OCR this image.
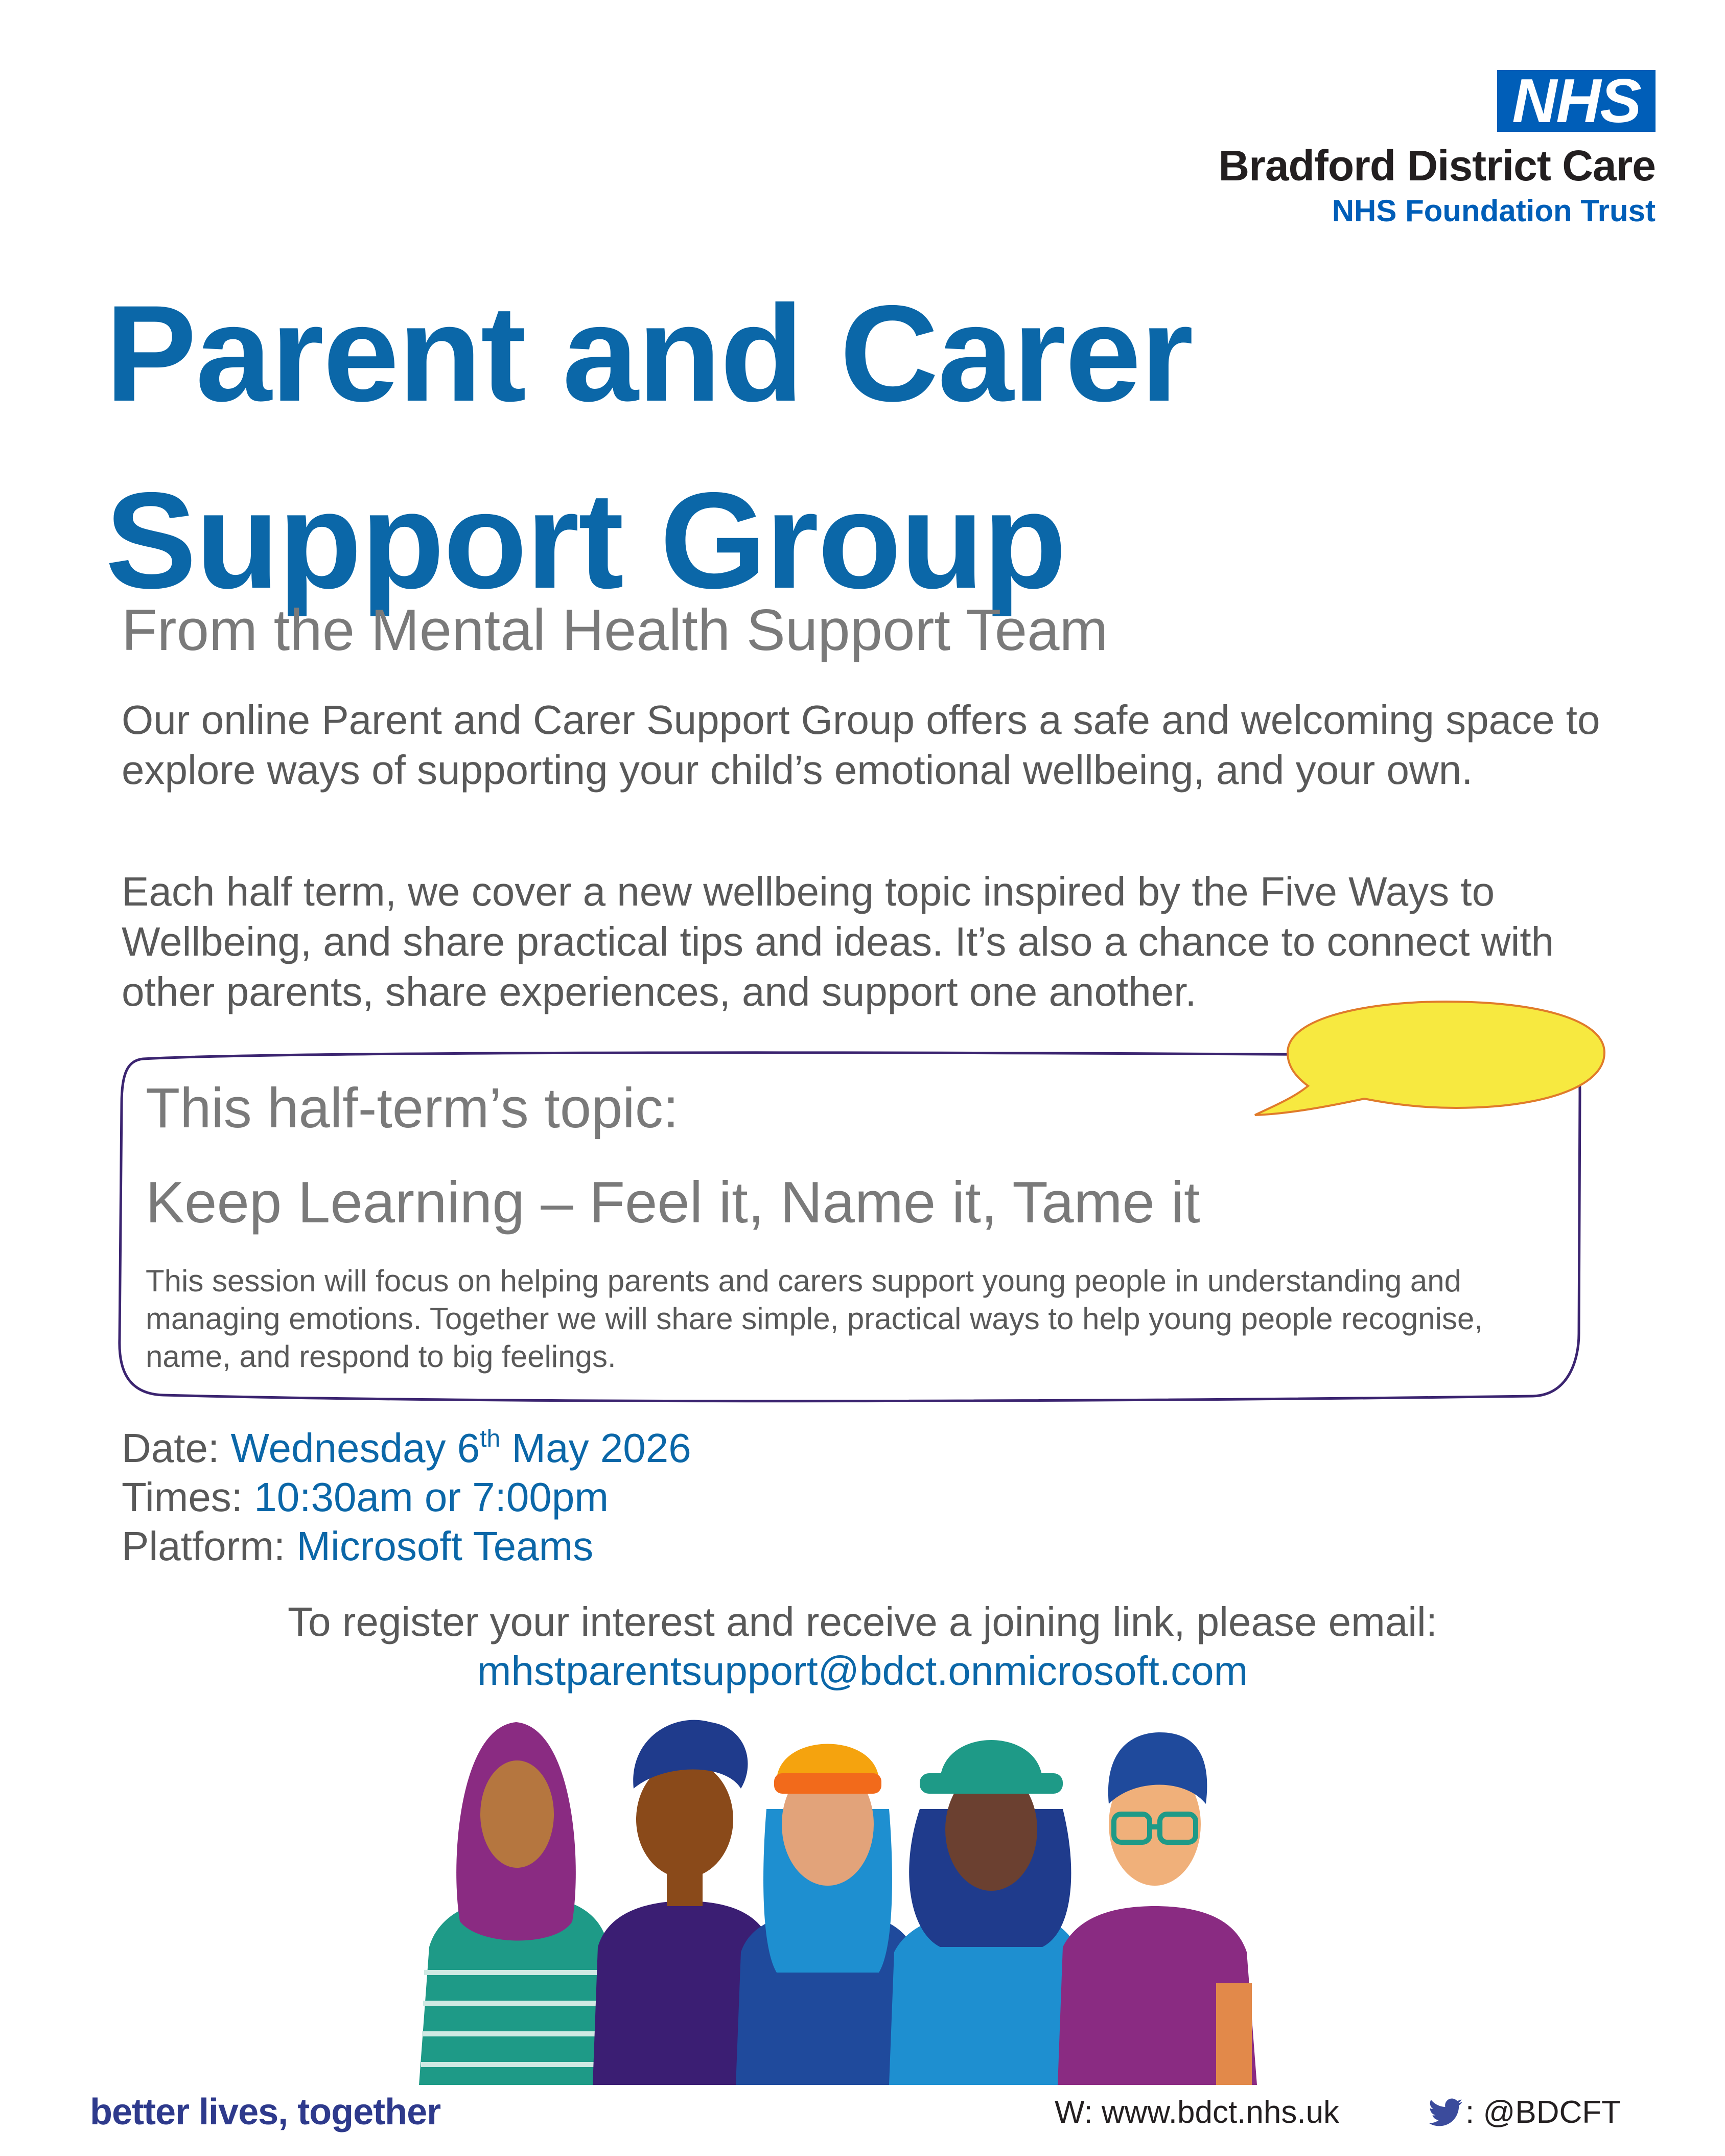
NHS
Bradford District Care
NHS Foundation Trust
Parent and Carer
Support Group
From the Mental Health Support Team
Our online Parent and Carer Support Group offers a safe and welcoming space to explore ways of supporting your child’s emotional wellbeing, and your own.
Each half term, we cover a new wellbeing topic inspired by the Five Ways to Wellbeing, and share practical tips and ideas. It’s also a chance to connect with other parents, share experiences, and support one another.
This half-term’s topic:
Keep Learning – Feel it, Name it, Tame it
This session will focus on helping parents and carers support young people in understanding and managing emotions. Together we will share simple, practical ways to help young people recognise, name, and respond to big feelings.
Date: Wednesday 6th May 2026
Times: 10:30am or 7:00pm
Platform: Microsoft Teams
To register your interest and receive a joining link, please email:
mhstparentsupport@bdct.onmicrosoft.com
better lives, together	W: www.bdct.nhs.uk	: @BDCFT
